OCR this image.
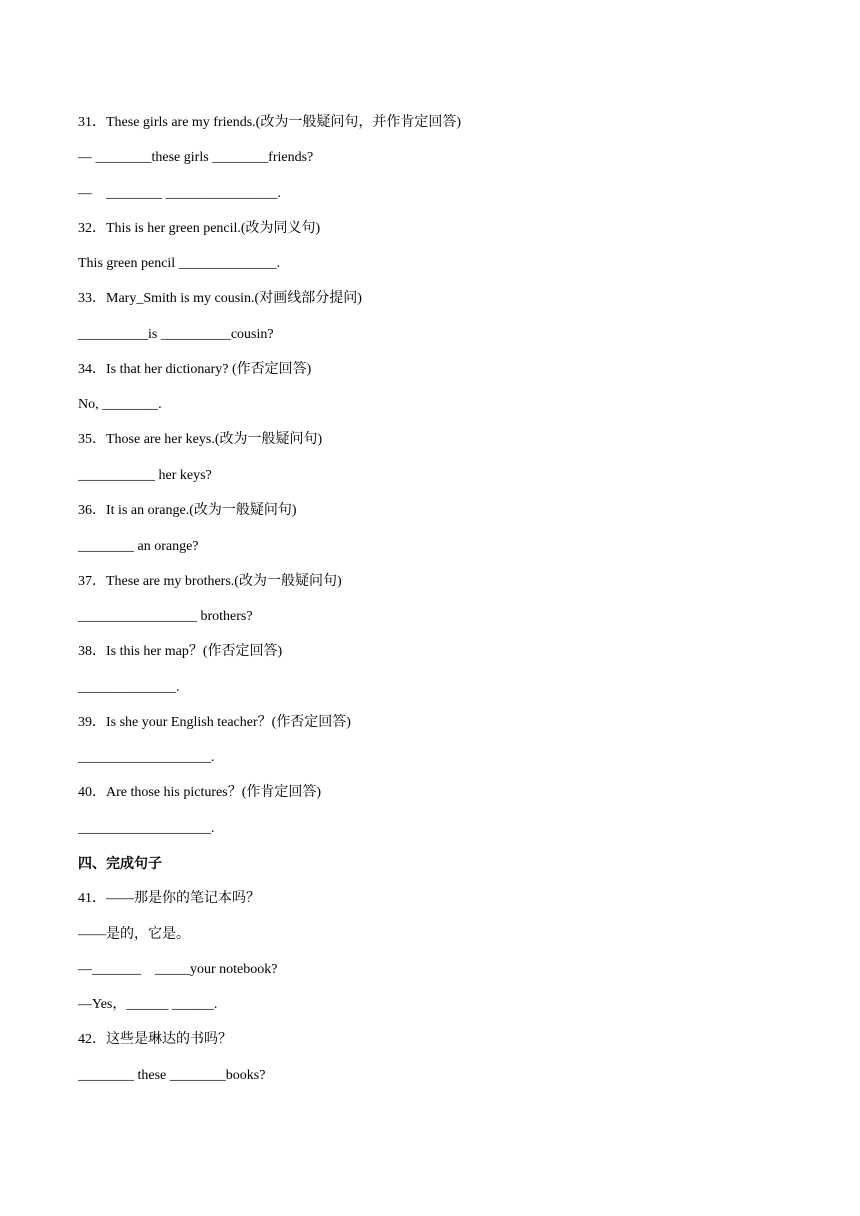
31．These girls are my friends.(改为一般疑问句，并作肯定回答)
— ________these girls ________friends?
—    ________ ________________.
32．This is her green pencil.(改为同义句)
This green pencil ______________.
33．Mary_Smith is my cousin.(对画线部分提问)
__________is __________cousin?
34．Is that her dictionary? (作否定回答)
No, ________.
35．Those are her keys.(改为一般疑问句)
___________ her keys?
36．It is an orange.(改为一般疑问句)
________ an orange?
37．These are my brothers.(改为一般疑问句)
_________________ brothers?
38．Is this her map？(作否定回答)
______________.
39．Is she your English teacher？(作否定回答)
___________________.
40．Are those his pictures？(作肯定回答)
___________________.
四、完成句子
41．——那是你的笔记本吗？
——是的，它是。
—_______    _____your notebook?
—Yes，______ ______.
42．这些是琳达的书吗？
________ these ________books?
